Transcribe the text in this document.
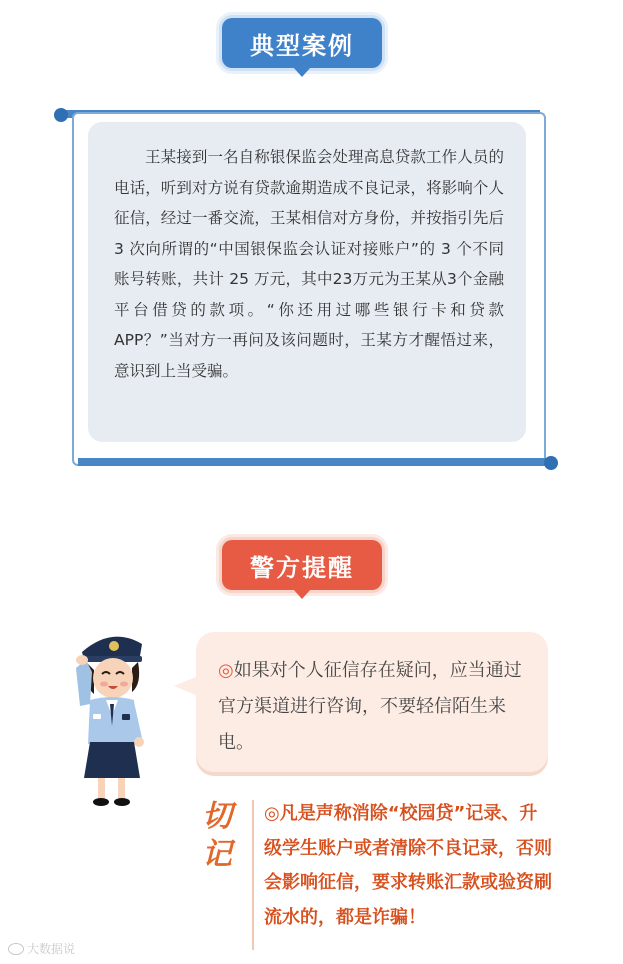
典型案例
王某接到一名自称银保监会处理高息贷款工作人员的电话，听到对方说有贷款逾期造成不良记录，将影响个人征信，经过一番交流，王某相信对方身份，并按指引先后 3 次向所谓的“中国银保监会认证对接账户”的 3 个不同账号转账，共计 25 万元，其中23万元为王某从3个金融平台借贷的款项。“你还用过哪些银行卡和贷款 APP？”当对方一再问及该问题时，王某方才醒悟过来，意识到上当受骗。
警方提醒
◎如果对个人征信存在疑问，应当通过官方渠道进行咨询，不要轻信陌生来电。
切
记
◎凡是声称消除“校园贷”记录、升级学生账户或者清除不良记录，否则会影响征信，要求转账汇款或验资刷流水的，都是诈骗！
大数据说
